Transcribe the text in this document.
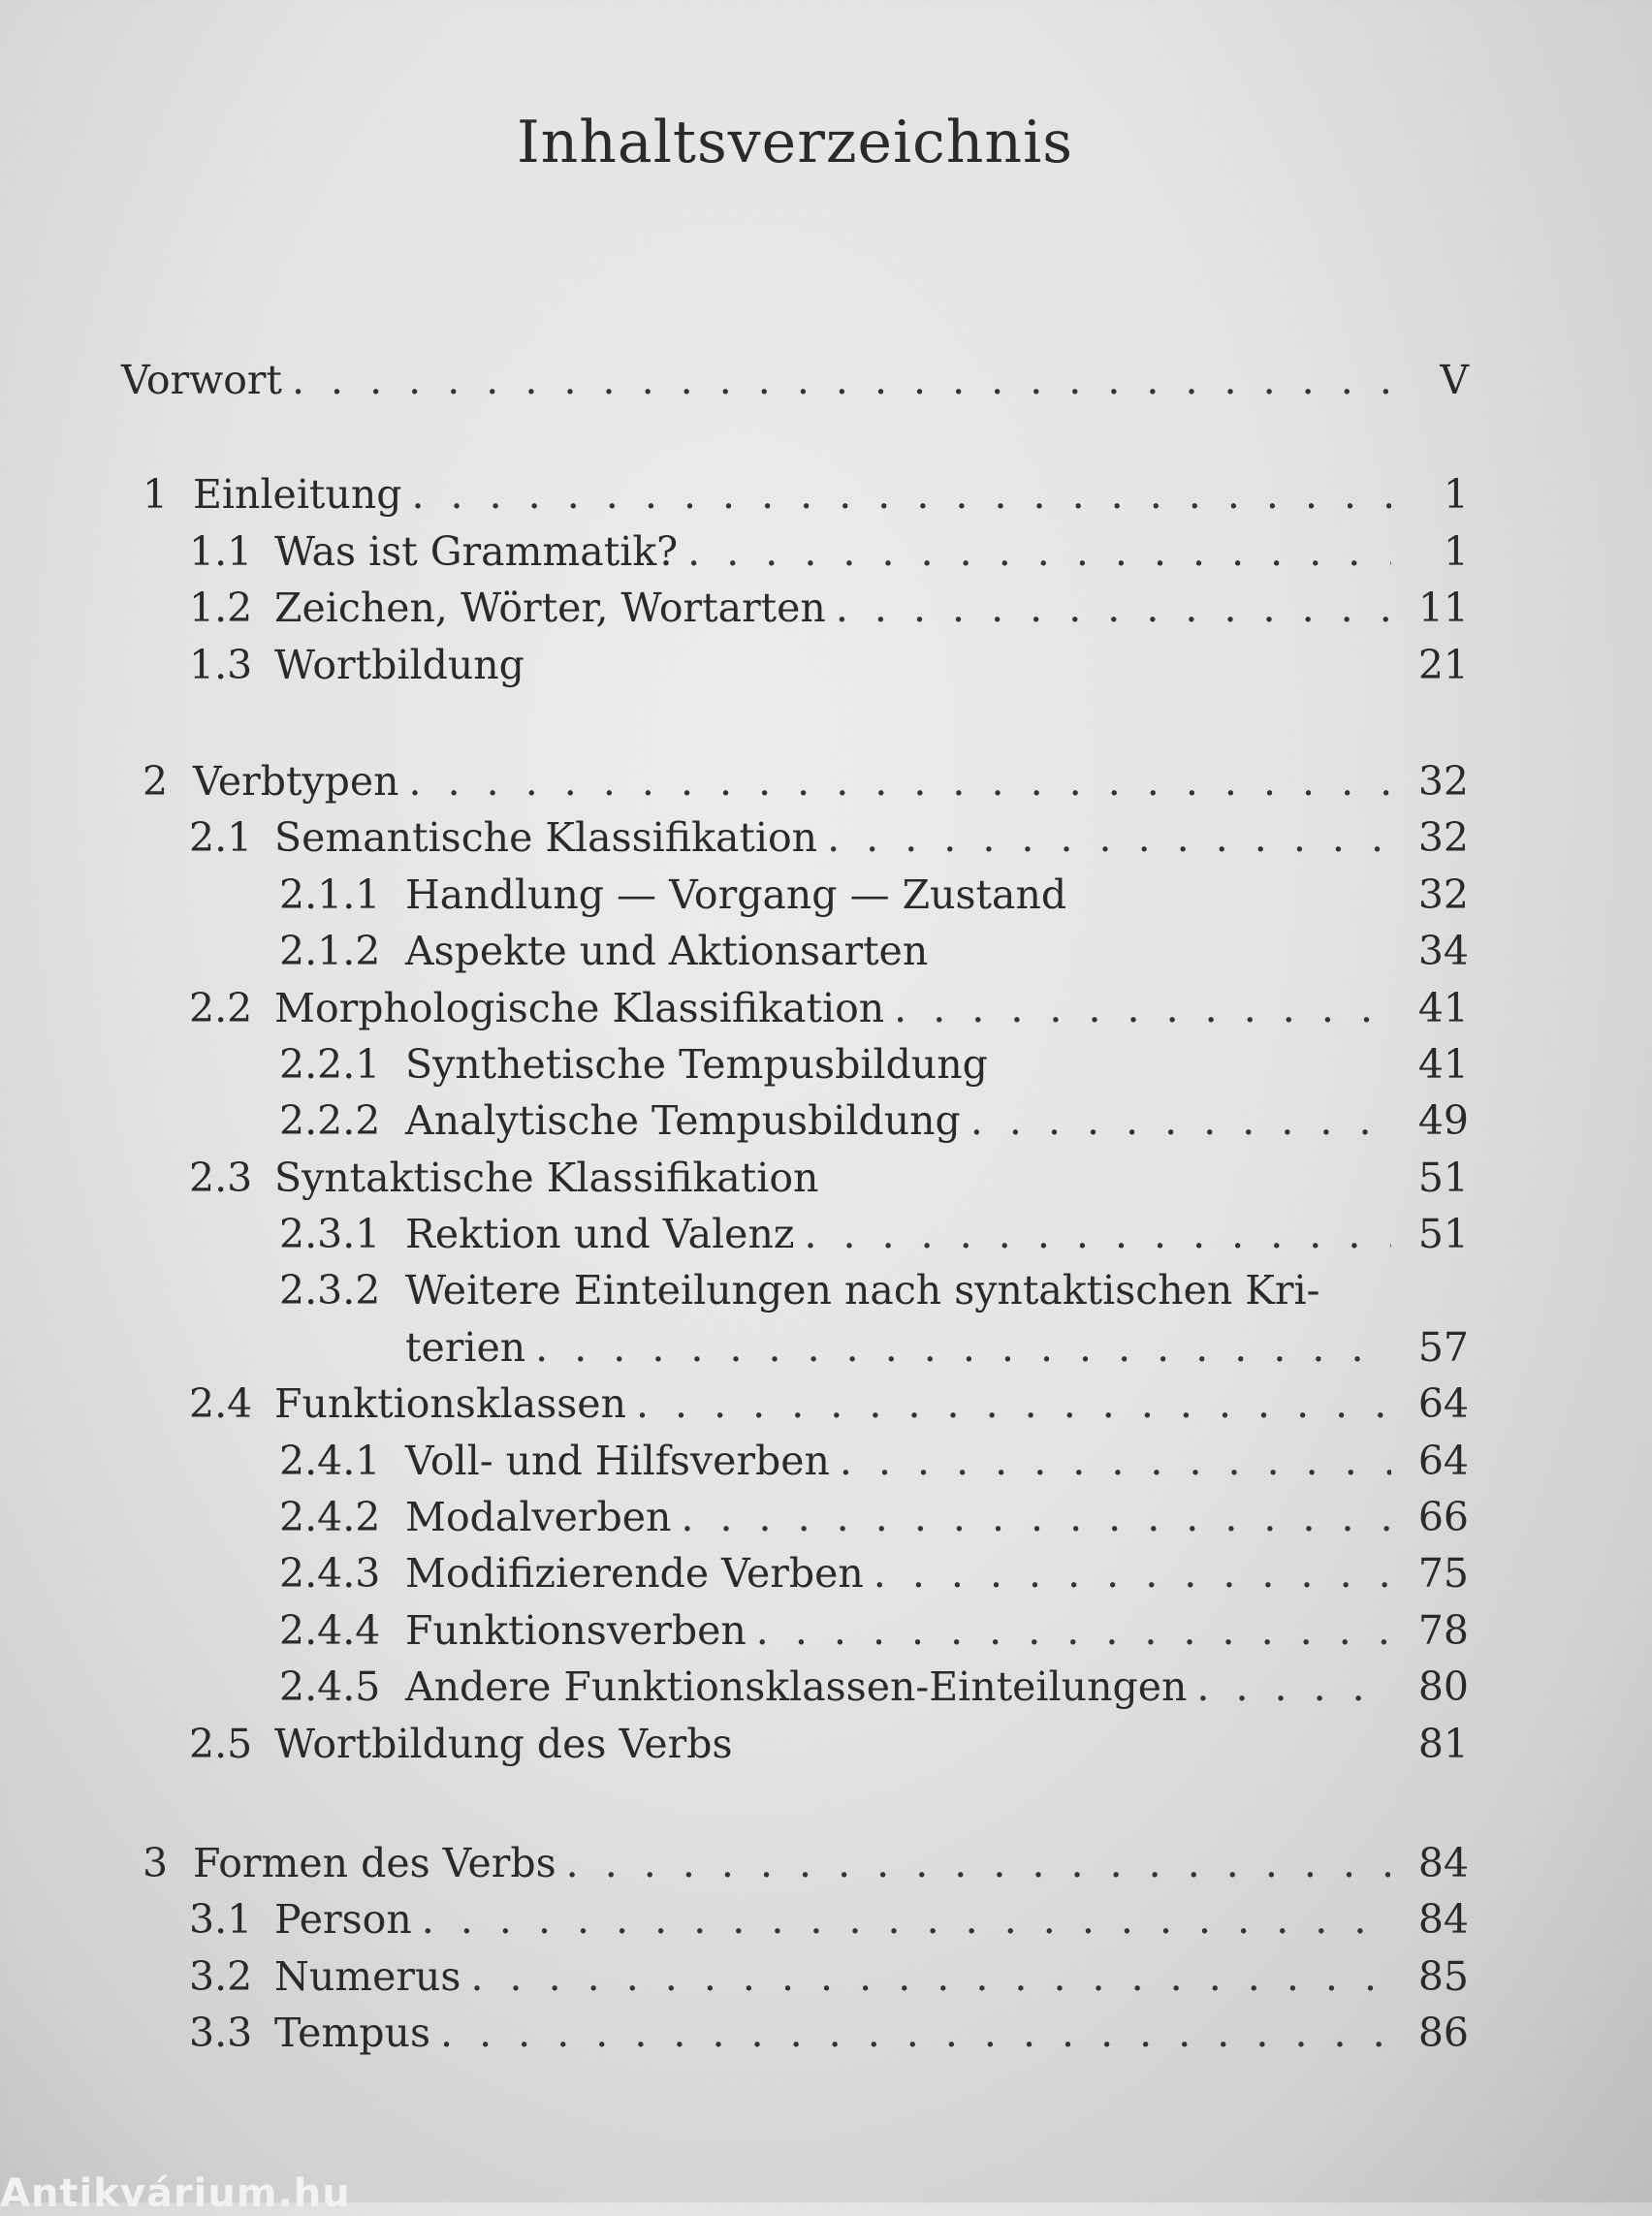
Inhaltsverzeichnis
Vorwort . . .	V
1 Einleitung . . .	1
1.1 Was ist Grammatik? . . .	1
1.2 Zeichen, Wörter, Wortarten . . .	11
1.3 Wortbildung	21
2 Verbtypen . . .	32
2.1 Semantische Klassifikation . . .	32
2.1.1 Handlung — Vorgang — Zustand	32
2.1.2 Aspekte und Aktionsarten	34
2.2 Morphologische Klassifikation . . .	41
2.2.1 Synthetische Tempusbildung	41
2.2.2 Analytische Tempusbildung . . .	49
2.3 Syntaktische Klassifikation	51
2.3.1 Rektion und Valenz . . .	51
2.3.2 Weitere Einteilungen nach syntaktischen Kri-
terien . . .	57
2.4 Funktionsklassen . . .	64
2.4.1 Voll- und Hilfsverben . . .	64
2.4.2 Modalverben . . .	66
2.4.3 Modifizierende Verben . . .	75
2.4.4 Funktionsverben . . .	78
2.4.5 Andere Funktionsklassen-Einteilungen . . .	80
2.5 Wortbildung des Verbs	81
3 Formen des Verbs . . .	84
3.1 Person . . .	84
3.2 Numerus . . .	85
3.3 Tempus . . .	86
Antikvárium.hu
